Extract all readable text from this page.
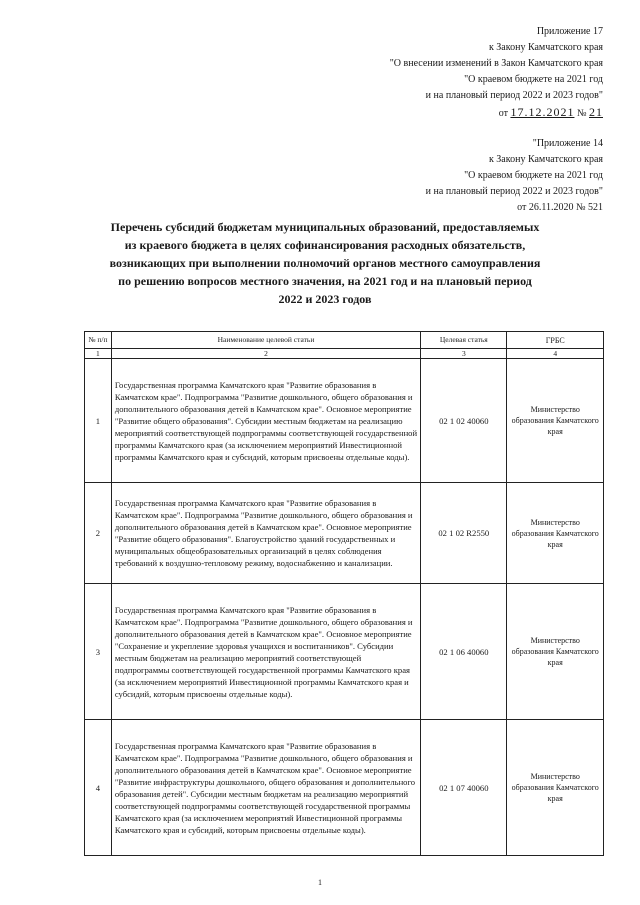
Приложение 17
к Закону Камчатского края
"О внесении изменений в Закон Камчатского края
"О краевом бюджете на 2021 год
и на плановый период 2022 и 2023 годов"
от 17.12.2021 № 21
"Приложение 14
к Закону Камчатского края
"О краевом бюджете на 2021 год
и на плановый период 2022 и 2023 годов"
от 26.11.2020 № 521
Перечень субсидий бюджетам муниципальных образований, предоставляемых
из краевого бюджета в целях софинансирования расходных обязательств,
возникающих при выполнении полномочий органов местного самоуправления
по решению вопросов местного значения, на 2021 год и на плановый период
2022 и 2023 годов
№ п/п	Наименование целевой статьи	Целевая статья	ГРБС
1	2	3	4
1	Государственная программа Камчатского края "Развитие образования в Камчатском крае". Подпрограмма "Развитие дошкольного, общего образования и дополнительного образования детей в Камчатском крае". Основное мероприятие "Развитие общего образования". Субсидии местным бюджетам на реализацию мероприятий соответствующей подпрограммы соответствующей государственной программы Камчатского края (за исключением мероприятий Инвестиционной программы Камчатского края и субсидий, которым присвоены отдельные коды).	02 1 02 40060	Министерство образования Камчатского края
2	Государственная программа Камчатского края "Развитие образования в Камчатском крае". Подпрограмма "Развитие дошкольного, общего образования и дополнительного образования детей в Камчатском крае". Основное мероприятие "Развитие общего образования". Благоустройство зданий государственных и муниципальных общеобразовательных организаций в целях соблюдения требований к воздушно-тепловому режиму, водоснабжению и канализации.	02 1 02 R2550	Министерство образования Камчатского края
3	Государственная программа Камчатского края "Развитие образования в Камчатском крае". Подпрограмма "Развитие дошкольного, общего образования и дополнительного образования детей в Камчатском крае". Основное мероприятие "Сохранение и укрепление здоровья учащихся и воспитанников". Субсидии местным бюджетам на реализацию мероприятий соответствующей подпрограммы соответствующей государственной программы Камчатского края (за исключением мероприятий Инвестиционной программы Камчатского края и субсидий, которым присвоены отдельные коды).	02 1 06 40060	Министерство образования Камчатского края
4	Государственная программа Камчатского края "Развитие образования в Камчатском крае". Подпрограмма "Развитие дошкольного, общего образования и дополнительного образования детей в Камчатском крае". Основное мероприятие "Развитие инфраструктуры дошкольного, общего образования и дополнительного образования детей". Субсидии местным бюджетам на реализацию мероприятий соответствующей подпрограммы соответствующей государственной программы Камчатского края (за исключением мероприятий Инвестиционной программы Камчатского края и субсидий, которым присвоены отдельные коды).	02 1 07 40060	Министерство образования Камчатского края
1
